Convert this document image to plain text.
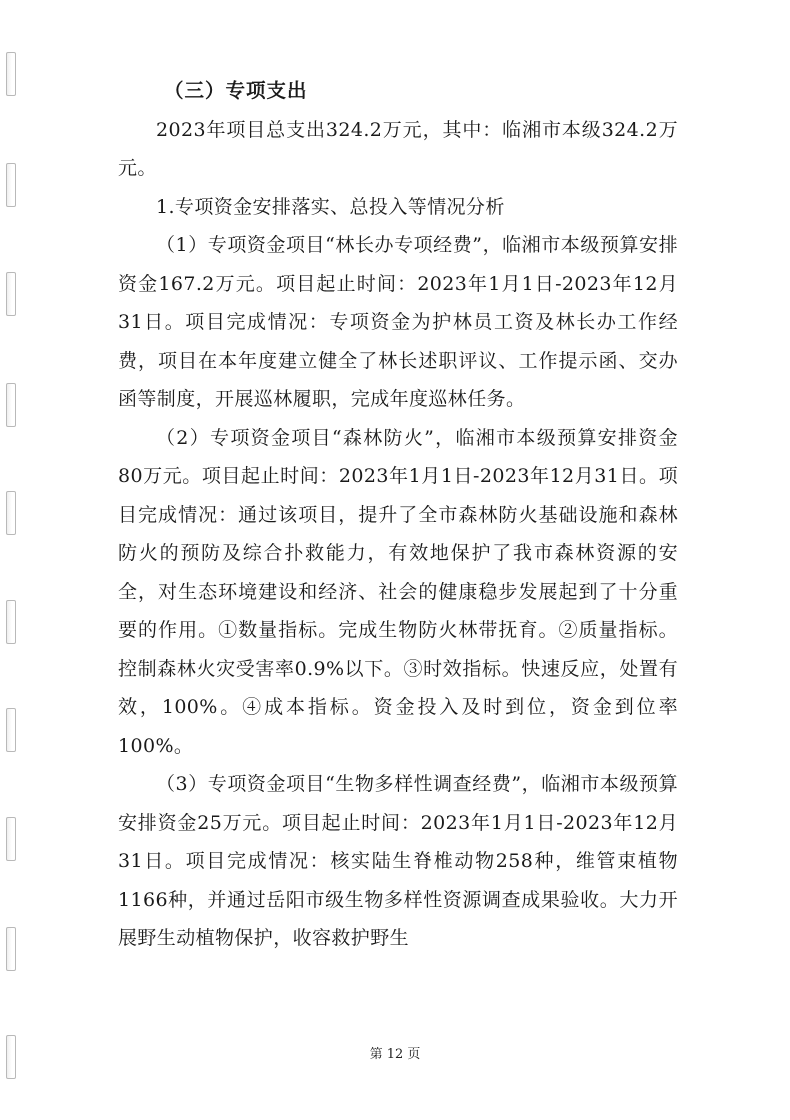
（三）专项支出

2023年项目总支出324.2万元，其中：临湘市本级324.2万元。

1.专项资金安排落实、总投入等情况分析

（1）专项资金项目“林长办专项经费”，临湘市本级预算安排资金167.2万元。项目起止时间：2023年1月1日-2023年12月31日。项目完成情况：专项资金为护林员工资及林长办工作经费，项目在本年度建立健全了林长述职评议、工作提示函、交办函等制度，开展巡林履职，完成年度巡林任务。

（2）专项资金项目“森林防火”，临湘市本级预算安排资金80万元。项目起止时间：2023年1月1日-2023年12月31日。项目完成情况：通过该项目，提升了全市森林防火基础设施和森林防火的预防及综合扑救能力，有效地保护了我市森林资源的安全，对生态环境建设和经济、社会的健康稳步发展起到了十分重要的作用。①数量指标。完成生物防火林带抚育。②质量指标。控制森林火灾受害率0.9%以下。③时效指标。快速反应，处置有效，100%。④成本指标。资金投入及时到位，资金到位率100%。

（3）专项资金项目“生物多样性调查经费”，临湘市本级预算安排资金25万元。项目起止时间：2023年1月1日-2023年12月31日。项目完成情况：核实陆生脊椎动物258种，维管束植物1166种，并通过岳阳市级生物多样性资源调查成果验收。大力开展野生动植物保护，收容救护野生

第 12 页
